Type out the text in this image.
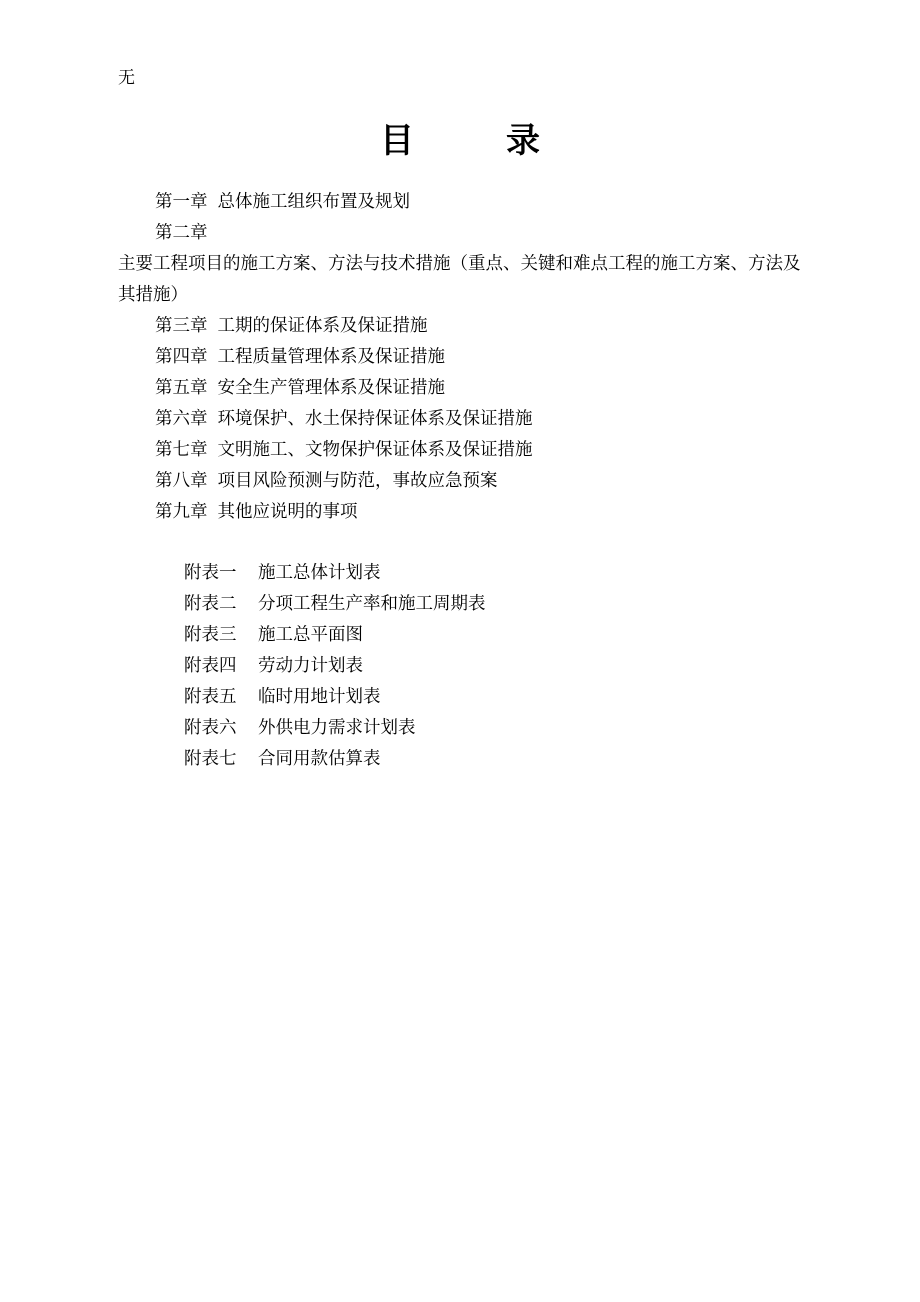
无
目	录
第一章 总体施工组织布置及规划
第二章
主要工程项目的施工方案、方法与技术措施（重点、关键和难点工程的施工方案、方法及其措施）
第三章 工期的保证体系及保证措施
第四章 工程质量管理体系及保证措施
第五章 安全生产管理体系及保证措施
第六章 环境保护、水土保持保证体系及保证措施
第七章 文明施工、文物保护保证体系及保证措施
第八章 项目风险预测与防范，事故应急预案
第九章 其他应说明的事项
附表一 施工总体计划表
附表二 分项工程生产率和施工周期表
附表三 施工总平面图
附表四 劳动力计划表
附表五 临时用地计划表
附表六 外供电力需求计划表
附表七 合同用款估算表
